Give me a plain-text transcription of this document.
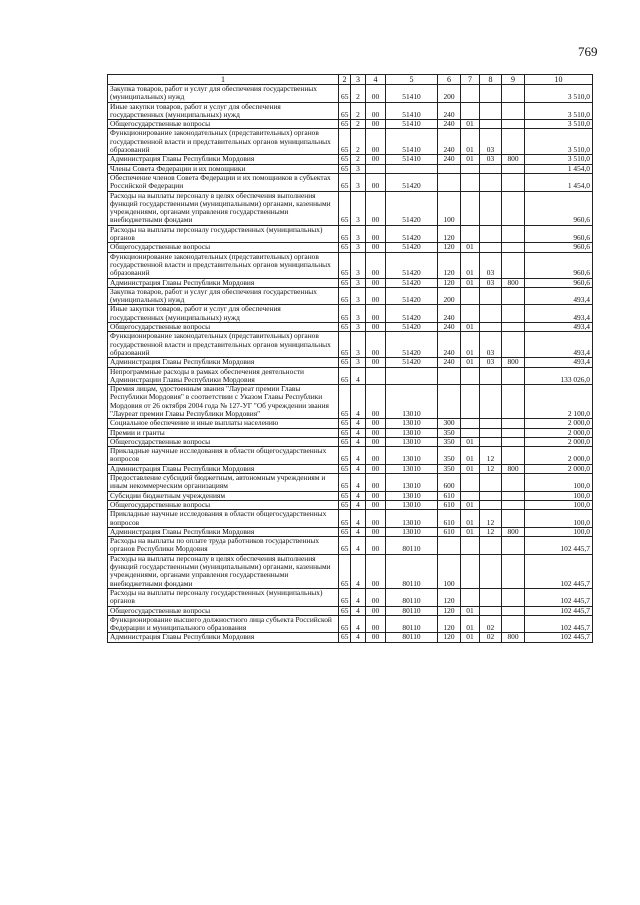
769
1	2	3	4	5	6	7	8	9	10
Закупка товаров, работ и услуг для обеспечения государственных (муниципальных) нужд	65	2	00	51410	200				3 510,0
Иные закупки товаров, работ и услуг для обеспечения государственных (муниципальных) нужд	65	2	00	51410	240				3 510,0
Общегосударственные вопросы	65	2	00	51410	240	01			3 510,0
Функционирование законодательных (представительных) органов государственной власти и представительных органов муниципальных образований	65	2	00	51410	240	01	03		3 510,0
Администрация Главы Республики Мордовия	65	2	00	51410	240	01	03	800	3 510,0
Члены Совета Федерации и их помощники	65	3							1 454,0
Обеспечение членов Совета Федерации и их помощников в субъектах Российской Федерации	65	3	00	51420					1 454,0
Расходы на выплаты персоналу в целях обеспечения выполнения функций государственными (муниципальными) органами, казенными учреждениями, органами управления государственными внебюджетными фондами	65	3	00	51420	100				960,6
Расходы на выплаты персоналу государственных (муниципальных) органов	65	3	00	51420	120				960,6
Общегосударственные вопросы	65	3	00	51420	120	01			960,6
Функционирование законодательных (представительных) органов государственной власти и представительных органов муниципальных образований	65	3	00	51420	120	01	03		960,6
Администрация Главы Республики Мордовия	65	3	00	51420	120	01	03	800	960,6
Закупка товаров, работ и услуг для обеспечения государственных (муниципальных) нужд	65	3	00	51420	200				493,4
Иные закупки товаров, работ и услуг для обеспечения государственных (муниципальных) нужд	65	3	00	51420	240				493,4
Общегосударственные вопросы	65	3	00	51420	240	01			493,4
Функционирование законодательных (представительных) органов государственной власти и представительных органов муниципальных образований	65	3	00	51420	240	01	03		493,4
Администрация Главы Республики Мордовия	65	3	00	51420	240	01	03	800	493,4
Непрограммные расходы в рамках обеспечения деятельности Администрации Главы Республики Мордовия	65	4							133 026,0
Премия лицам, удостоенным звания "Лауреат премии Главы Республики Мордовия" в соответствии с Указом Главы Республики Мордовия от 26 октября 2004 года № 127-УГ "Об учреждении звания "Лауреат премии Главы Республики Мордовия"	65	4	00	13010					2 100,0
Социальное обеспечение и иные выплаты населению	65	4	00	13010	300				2 000,0
Премии и гранты	65	4	00	13010	350				2 000,0
Общегосударственные вопросы	65	4	00	13010	350	01			2 000,0
Прикладные научные исследования в области общегосударственных вопросов	65	4	00	13010	350	01	12		2 000,0
Администрация Главы Республики Мордовия	65	4	00	13010	350	01	12	800	2 000,0
Предоставление субсидий бюджетным, автономным учреждениям и иным некоммерческим организациям	65	4	00	13010	600				100,0
Субсидии бюджетным учреждениям	65	4	00	13010	610				100,0
Общегосударственные вопросы	65	4	00	13010	610	01			100,0
Прикладные научные исследования в области общегосударственных вопросов	65	4	00	13010	610	01	12		100,0
Администрация Главы Республики Мордовия	65	4	00	13010	610	01	12	800	100,0
Расходы на выплаты по оплате труда работников государственных органов Республики Мордовия	65	4	00	80110					102 445,7
Расходы на выплаты персоналу в целях обеспечения выполнения функций государственными (муниципальными) органами, казенными учреждениями, органами управления государственными внебюджетными фондами	65	4	00	80110	100				102 445,7
Расходы на выплаты персоналу государственных (муниципальных) органов	65	4	00	80110	120				102 445,7
Общегосударственные вопросы	65	4	00	80110	120	01			102 445,7
Функционирование высшего должностного лица субъекта Российской Федерации и муниципального образования	65	4	00	80110	120	01	02		102 445,7
Администрация Главы Республики Мордовия	65	4	00	80110	120	01	02	800	102 445,7
